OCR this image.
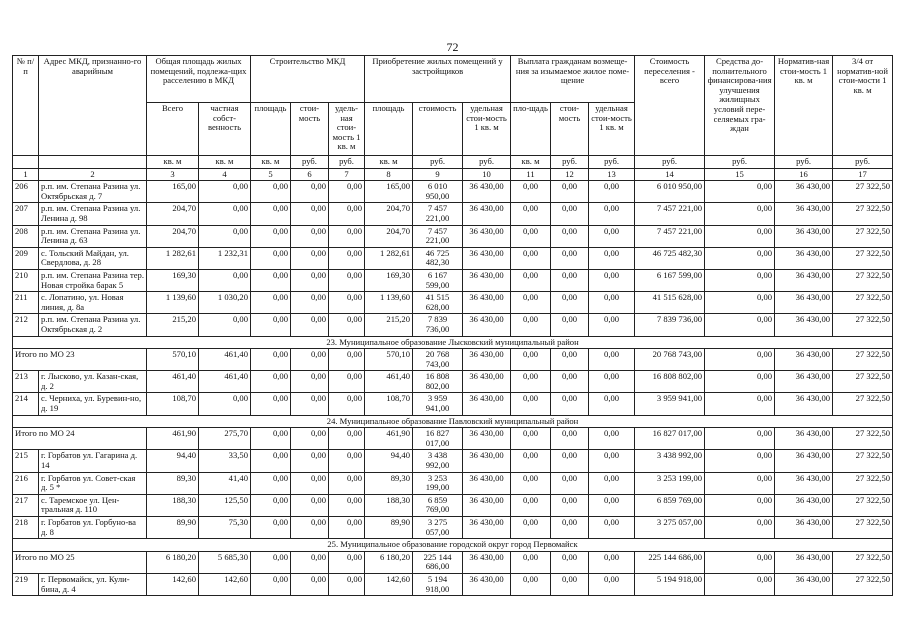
72
№ п/п	Адрес МКД, признанно-го аварийным	Общая площадь жилых помещений, подлежа-щих расселению в МКД		Строительство МКД			Приобретение жилых помещений у застройщиков			Выплата гражданам возмеще-ния за изымаемое жилое поме-щение			Стоимость переселения - всего	Средства до-полнительного финансирова-ния улучшения жилищных условий пере-селяемых гра-ждан	Норматив-ная стои-мость 1 кв. м	3/4 от норматив-ной стои-мости 1 кв. м
		Всего	частная собст-венность	площадь	стои-мость	удель-ная стои-мость 1 кв. м	площадь	стоимость	удельная стои-мость 1 кв. м	пло-щадь	стои-мость	удельная стои-мость 1 кв. м				
		кв. м	кв. м	кв. м	руб.	руб.	кв. м	руб.	руб.	кв. м	руб.	руб.	руб.	руб.	руб.	руб.
1	2	3	4	5	6	7	8	9	10	11	12	13	14	15	16	17
206	р.п. им. Степана Разина ул. Октябрьская д. 7	165,00	0,00	0,00	0,00	0,00	165,00	6 010 950,00	36 430,00	0,00	0,00	0,00	6 010 950,00	0,00	36 430,00	27 322,50
207	р.п. им. Степана Разина ул. Ленина д. 98	204,70	0,00	0,00	0,00	0,00	204,70	7 457 221,00	36 430,00	0,00	0,00	0,00	7 457 221,00	0,00	36 430,00	27 322,50
208	р.п. им. Степана Разина ул. Ленина д. 63	204,70	0,00	0,00	0,00	0,00	204,70	7 457 221,00	36 430,00	0,00	0,00	0,00	7 457 221,00	0,00	36 430,00	27 322,50
209	с. Тольский Майдан, ул. Свердлова, д. 28	1 282,61	1 232,31	0,00	0,00	0,00	1 282,61	46 725 482,30	36 430,00	0,00	0,00	0,00	46 725 482,30	0,00	36 430,00	27 322,50
210	р.п. им. Степана Разина тер. Новая стройка барак 5	169,30	0,00	0,00	0,00	0,00	169,30	6 167 599,00	36 430,00	0,00	0,00	0,00	6 167 599,00	0,00	36 430,00	27 322,50
211	с. Лопатино, ул. Новая линия, д. 8а	1 139,60	1 030,20	0,00	0,00	0,00	1 139,60	41 515 628,00	36 430,00	0,00	0,00	0,00	41 515 628,00	0,00	36 430,00	27 322,50
212	р.п. им. Степана Разина ул. Октябрьская д. 2	215,20	0,00	0,00	0,00	0,00	215,20	7 839 736,00	36 430,00	0,00	0,00	0,00	7 839 736,00	0,00	36 430,00	27 322,50
23. Муниципальное образование Лысковский муниципальный район																
Итого по МО 23		570,10	461,40	0,00	0,00	0,00	570,10	20 768 743,00	36 430,00	0,00	0,00	0,00	20 768 743,00	0,00	36 430,00	27 322,50
213	г. Лысково, ул. Казан-ская, д. 2	461,40	461,40	0,00	0,00	0,00	461,40	16 808 802,00	36 430,00	0,00	0,00	0,00	16 808 802,00	0,00	36 430,00	27 322,50
214	с. Черниха, ул. Буревин-но, д. 19	108,70	0,00	0,00	0,00	0,00	108,70	3 959 941,00	36 430,00	0,00	0,00	0,00	3 959 941,00	0,00	36 430,00	27 322,50
24. Муниципальное образование Павловский муниципальный район																
Итого по МО 24		461,90	275,70	0,00	0,00	0,00	461,90	16 827 017,00	36 430,00	0,00	0,00	0,00	16 827 017,00	0,00	36 430,00	27 322,50
215	г. Горбатов ул. Гагарина д. 14	94,40	33,50	0,00	0,00	0,00	94,40	3 438 992,00	36 430,00	0,00	0,00	0,00	3 438 992,00	0,00	36 430,00	27 322,50
216	г. Горбатов ул. Совет-ская д. 5 *	89,30	41,40	0,00	0,00	0,00	89,30	3 253 199,00	36 430,00	0,00	0,00	0,00	3 253 199,00	0,00	36 430,00	27 322,50
217	с. Таремское ул. Цен-тральная д. 110	188,30	125,50	0,00	0,00	0,00	188,30	6 859 769,00	36 430,00	0,00	0,00	0,00	6 859 769,00	0,00	36 430,00	27 322,50
218	г. Горбатов ул. Горбуно-ва д. 8	89,90	75,30	0,00	0,00	0,00	89,90	3 275 057,00	36 430,00	0,00	0,00	0,00	3 275 057,00	0,00	36 430,00	27 322,50
25. Муниципальное образование городской округ город Первомайск																
Итого по МО 25		6 180,20	5 685,30	0,00	0,00	0,00	6 180,20	225 144 686,00	36 430,00	0,00	0,00	0,00	225 144 686,00	0,00	36 430,00	27 322,50
219	г. Первомайск, ул. Кули-бина, д. 4	142,60	142,60	0,00	0,00	0,00	142,60	5 194 918,00	36 430,00	0,00	0,00	0,00	5 194 918,00	0,00	36 430,00	27 322,50
